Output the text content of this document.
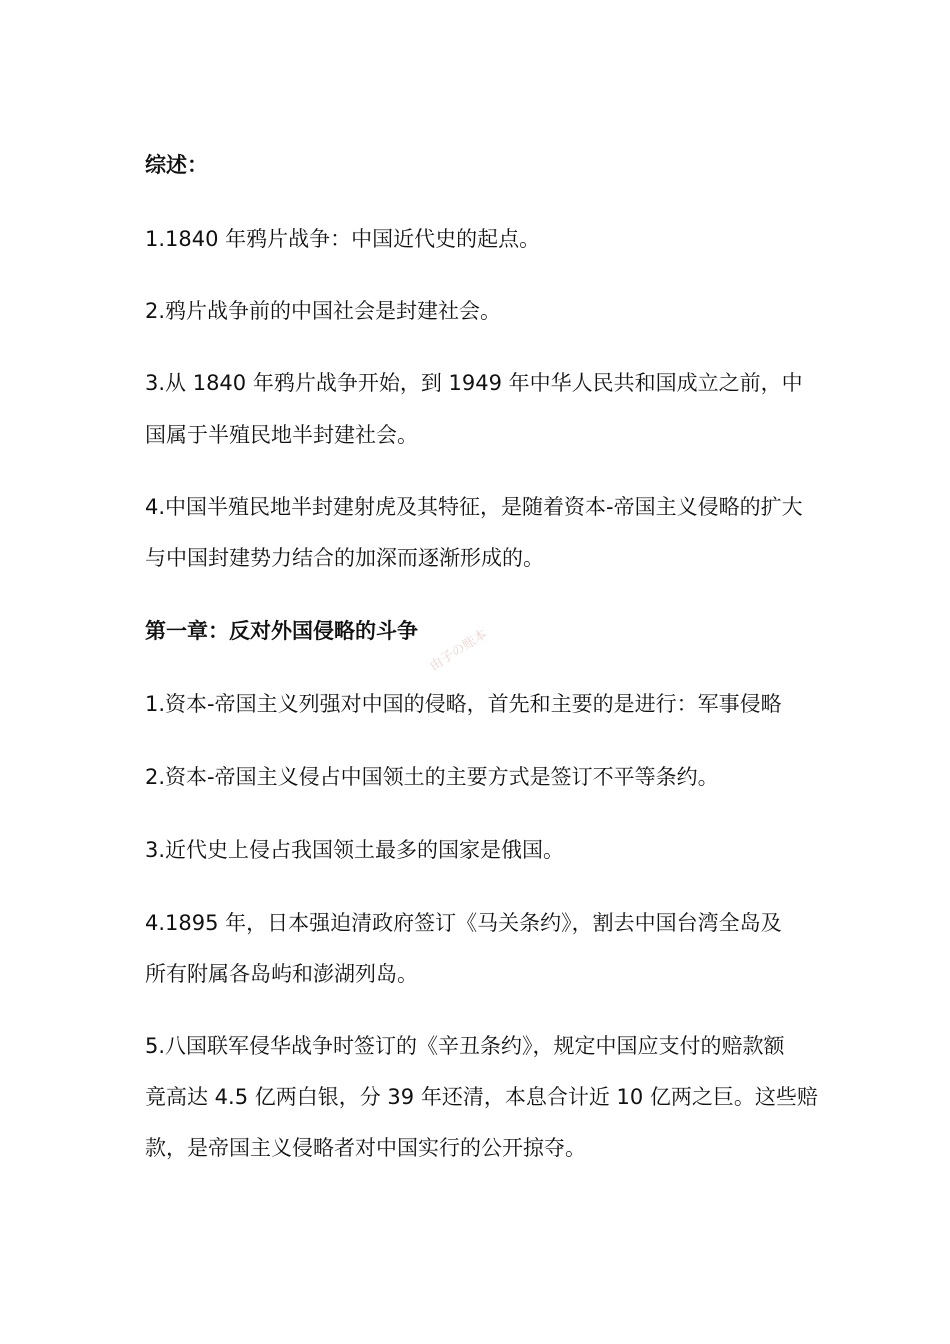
综述：
1.1840 年鸦片战争：中国近代史的起点。
2.鸦片战争前的中国社会是封建社会。
3.从 1840 年鸦片战争开始，到 1949 年中华人民共和国成立之前，中
国属于半殖民地半封建社会。
4.中国半殖民地半封建射虎及其特征，是随着资本-帝国主义侵略的扩大
与中国封建势力结合的加深而逐渐形成的。
第一章：反对外国侵略的斗争 由子の账本
1.资本-帝国主义列强对中国的侵略，首先和主要的是进行：军事侵略
2.资本-帝国主义侵占中国领土的主要方式是签订不平等条约。
3.近代史上侵占我国领土最多的国家是俄国。
4.1895 年，日本强迫清政府签订《马关条约》，割去中国台湾全岛及
所有附属各岛屿和澎湖列岛。
5.八国联军侵华战争时签订的《辛丑条约》，规定中国应支付的赔款额
竟高达 4.5 亿两白银，分 39 年还清，本息合计近 10 亿两之巨。这些赔
款，是帝国主义侵略者对中国实行的公开掠夺。
